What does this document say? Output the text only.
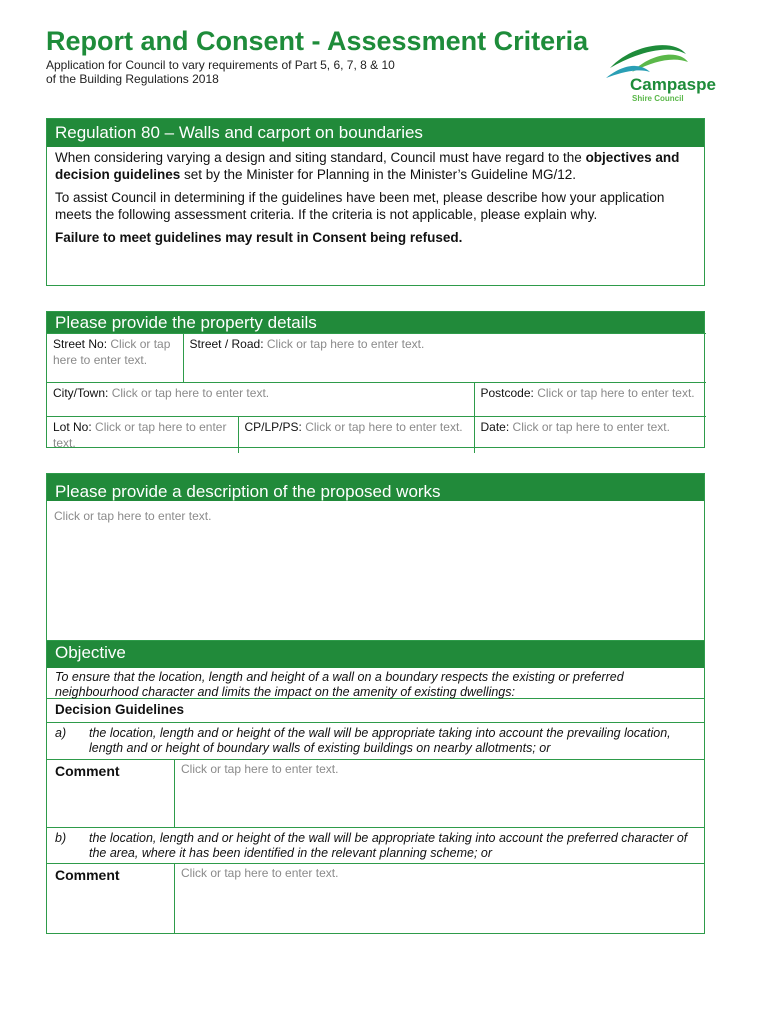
Report and Consent - Assessment Criteria
Application for Council to vary requirements of Part 5, 6, 7, 8 & 10
of the Building Regulations 2018	Campaspe
Shire Council
Regulation 80 – Walls and carport on boundaries

When considering varying a design and siting standard, Council must have regard to the objectives and decision guidelines set by the Minister for Planning in the Minister’s Guideline MG/12.

To assist Council in determining if the guidelines have been met, please describe how your application meets the following assessment criteria. If the criteria is not applicable, please explain why.

Failure to meet guidelines may result in Consent being refused.

Please provide the property details
Street No: Click or tap here to enter text.	Street / Road: Click or tap here to enter text.		
City/Town: Click or tap here to enter text.			Postcode: Click or tap here to enter text.
Lot No: Click or tap here to enter text.		CP/LP/PS: Click or tap here to enter text.	Date: Click or tap here to enter text.
Please provide a description of the proposed works
Click or tap here to enter text.
Objective
To ensure that the location, length and height of a wall on a boundary respects the existing or preferred neighbourhood character and limits the impact on the amenity of existing dwellings:
Decision Guidelines
a)	the location, length and or height of the wall will be appropriate taking into account the prevailing location, length and or height of boundary walls of existing buildings on nearby allotments; or
Comment	Click or tap here to enter text.
b)	the location, length and or height of the wall will be appropriate taking into account the preferred character of the area, where it has been identified in the relevant planning scheme; or
Comment	Click or tap here to enter text.
